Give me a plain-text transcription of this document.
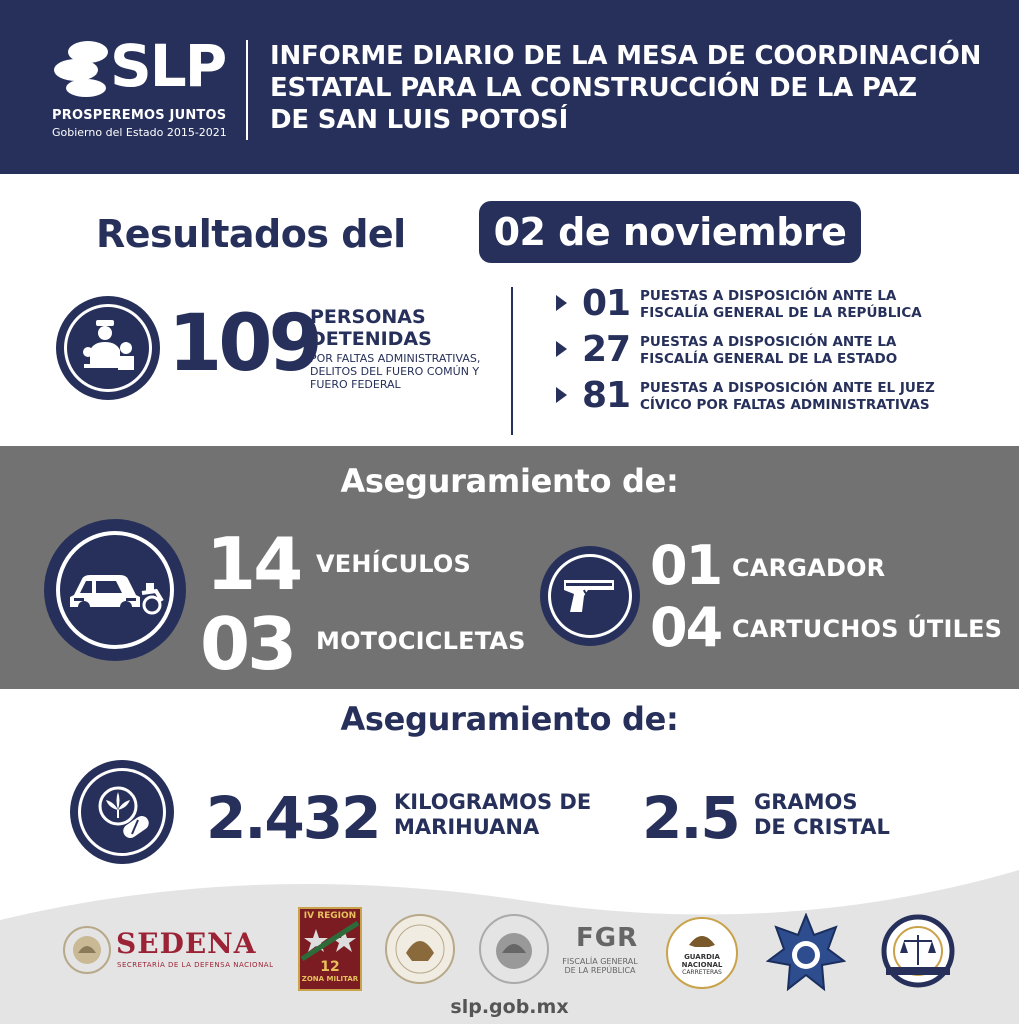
SLP
PROSPEREMOS JUNTOS
Gobierno del Estado 2015-2021
INFORME DIARIO DE LA MESA DE COORDINACIÓN
ESTATAL PARA LA CONSTRUCCIÓN DE LA PAZ
DE SAN LUIS POTOSÍ
Resultados del	02 de noviembre
109
PERSONAS
DETENIDAS
POR FALTAS ADMINISTRATIVAS,
DELITOS DEL FUERO COMÚN Y
FUERO FEDERAL
01 PUESTAS A DISPOSICIÓN ANTE LA
FISCALÍA GENERAL DE LA REPÚBLICA
27 PUESTAS A DISPOSICIÓN ANTE LA
FISCALÍA GENERAL DE LA ESTADO
81 PUESTAS A DISPOSICIÓN ANTE EL JUEZ
CÍVICO POR FALTAS ADMINISTRATIVAS
Aseguramiento de:
14 VEHÍCULOS
03 MOTOCICLETAS
01 CARGADOR
04 CARTUCHOS ÚTILES
Aseguramiento de:
2.432 KILOGRAMOS DE
MARIHUANA	2.5 GRAMOS
DE CRISTAL
SEDENA
SECRETARÍA DE LA DEFENSA NACIONAL
IV REGION
12
ZONA MILITAR
FGR
FISCALÍA GENERAL
DE LA REPÚBLICA
GUARDIA
NACIONAL
CARRETERAS
slp.gob.mx
